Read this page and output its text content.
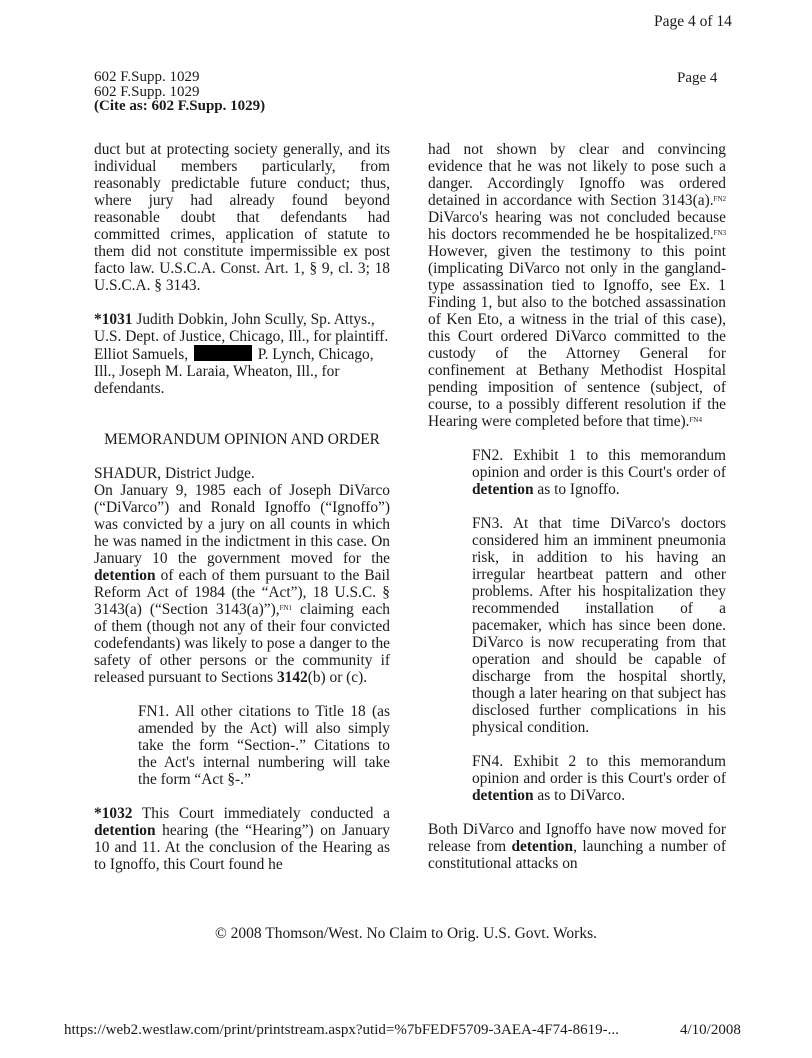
Page 4 of 14
602 F.Supp. 1029
602 F.Supp. 1029
(Cite as: 602 F.Supp. 1029)
Page 4

duct but at protecting society generally, and its individual members particularly, from reasonably predictable future conduct; thus, where jury had already found beyond reasonable doubt that defendants had committed crimes, application of statute to them did not constitute impermissible ex post facto law. U.S.C.A. Const. Art. 1, § 9, cl. 3; 18 U.S.C.A. § 3143.

*1031 Judith Dobkin, John Scully, Sp. Attys., U.S. Dept. of Justice, Chicago, Ill., for plaintiff.

Elliot Samuels,	P. Lynch, Chicago, Ill., Joseph M. Laraia, Wheaton, Ill., for defendants.

MEMORANDUM OPINION AND ORDER

SHADUR, District Judge.

On January 9, 1985 each of Joseph DiVarco (“DiVarco”) and Ronald Ignoffo (“Ignoffo”) was convicted by a jury on all counts in which he was named in the indictment in this case. On January 10 the government moved for the detention of each of them pursuant to the Bail Reform Act of 1984 (the “Act”), 18 U.S.C. § 3143(a) (“Section 3143(a)”),$^{FN1}$ claiming each of them (though not any of their four convicted codefendants) was likely to pose a danger to the safety of other persons or the community if released pursuant to Sections 3142(b) or (c).

FN1. All other citations to Title 18 (as amended by the Act) will also simply take the form “Section-.” Citations to the Act's internal numbering will take the form “Act §-.”

*1032 This Court immediately conducted a detention hearing (the “Hearing”) on January 10 and 11. At the conclusion of the Hearing as to Ignoffo, this Court found he

had not shown by clear and convincing evidence that he was not likely to pose such a danger. Accordingly Ignoffo was ordered detained in accordance with Section 3143(a).$^{FN2}$ DiVarco's hearing was not concluded because his doctors recommended he be hospitalized.$^{FN3}$ However, given the testimony to this point (implicating DiVarco not only in the gangland-type assassination tied to Ignoffo, see Ex. 1 Finding 1, but also to the botched assassination of Ken Eto, a witness in the trial of this case), this Court ordered DiVarco committed to the custody of the Attorney General for confinement at Bethany Methodist Hospital pending imposition of sentence (subject, of course, to a possibly different resolution if the Hearing were completed before that time).$^{FN4}$

FN2. Exhibit 1 to this memorandum opinion and order is this Court's order of detention as to Ignoffo.

FN3. At that time DiVarco's doctors considered him an imminent pneumonia risk, in addition to his having an irregular heartbeat pattern and other problems. After his hospitalization they recommended installation of a pacemaker, which has since been done. DiVarco is now recuperating from that operation and should be capable of discharge from the hospital shortly, though a later hearing on that subject has disclosed further complications in his physical condition.

FN4. Exhibit 2 to this memorandum opinion and order is this Court's order of detention as to DiVarco.

Both DiVarco and Ignoffo have now moved for release from detention, launching a number of constitutional attacks on

© 2008 Thomson/West. No Claim to Orig. U.S. Govt. Works.
https://web2.westlaw.com/print/printstream.aspx?utid=%7bFEDF5709-3AEA-4F74-8619-...	4/10/2008
